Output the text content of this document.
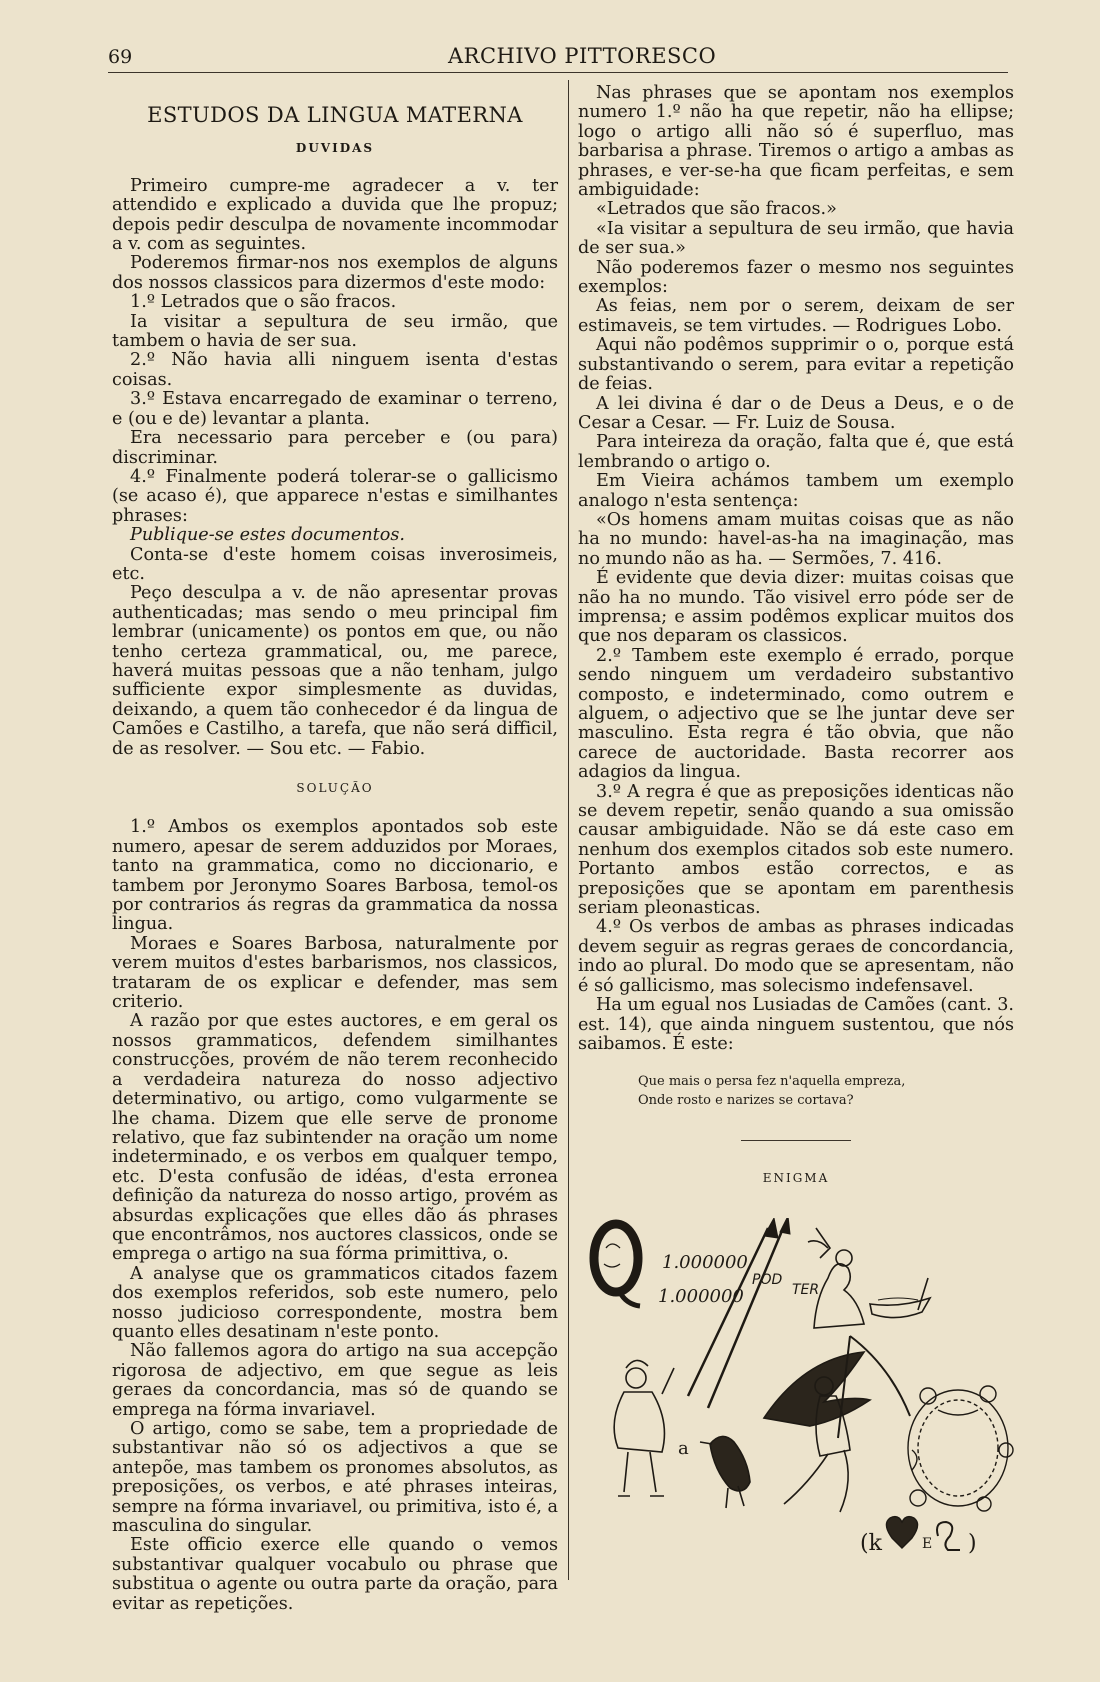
69	ARCHIVO PITTORESCO
ESTUDOS DA LINGUA MATERNA
DUVIDAS

Primeiro cumpre-me agradecer a v. ter attendido e explicado a duvida que lhe propuz; depois pedir desculpa de novamente incommodar a v. com as seguintes.

Poderemos firmar-nos nos exemplos de alguns dos nossos classicos para dizermos d'este modo:

1.º Letrados que o são fracos.

Ia visitar a sepultura de seu irmão, que tambem o havia de ser sua.

2.º Não havia alli ninguem isenta d'estas coisas.

3.º Estava encarregado de examinar o terreno, e (ou e de) levantar a planta.

Era necessario para perceber e (ou para) discriminar.

4.º Finalmente poderá tolerar-se o gallicismo (se acaso é), que apparece n'estas e similhantes phrases:

Publique-se estes documentos.

Conta-se d'este homem coisas inverosimeis, etc.

Peço desculpa a v. de não apresentar provas authenticadas; mas sendo o meu principal fim lembrar (unicamente) os pontos em que, ou não tenho certeza grammatical, ou, me parece, haverá muitas pessoas que a não tenham, julgo sufficiente expor simplesmente as duvidas, deixando, a quem tão conhecedor é da lingua de Camões e Castilho, a tarefa, que não será difficil, de as resolver. — Sou etc. — Fabio.

SOLUÇÃO

1.º Ambos os exemplos apontados sob este numero, apesar de serem adduzidos por Moraes, tanto na grammatica, como no diccionario, e tambem por Jeronymo Soares Barbosa, temol-os por contrarios ás regras da grammatica da nossa lingua.

Moraes e Soares Barbosa, naturalmente por verem muitos d'estes barbarismos, nos classicos, trataram de os explicar e defender, mas sem criterio.

A razão por que estes auctores, e em geral os nossos grammaticos, defendem similhantes construcções, provém de não terem reconhecido a verdadeira natureza do nosso adjectivo determinativo, ou artigo, como vulgarmente se lhe chama. Dizem que elle serve de pronome relativo, que faz subintender na oração um nome indeterminado, e os verbos em qualquer tempo, etc. D'esta confusão de idéas, d'esta erronea definição da natureza do nosso artigo, provém as absurdas explicações que elles dão ás phrases que encontrâmos, nos auctores classicos, onde se emprega o artigo na sua fórma primittiva, o.

A analyse que os grammaticos citados fazem dos exemplos referidos, sob este numero, pelo nosso judicioso correspondente, mostra bem quanto elles desatinam n'este ponto.

Não fallemos agora do artigo na sua accepção rigorosa de adjectivo, em que segue as leis geraes da concordancia, mas só de quando se emprega na fórma invariavel.

O artigo, como se sabe, tem a propriedade de substantivar não só os adjectivos a que se antepõe, mas tambem os pronomes absolutos, as preposições, os verbos, e até phrases inteiras, sempre na fórma invariavel, ou primitiva, isto é, a masculina do singular.

Este officio exerce elle quando o vemos substantivar qualquer vocabulo ou phrase que substitua o agente ou outra parte da oração, para evitar as repetições.

Nas phrases que se apontam nos exemplos numero 1.º não ha que repetir, não ha ellipse; logo o artigo alli não só é superfluo, mas barbarisa a phrase. Tiremos o artigo a ambas as phrases, e ver-se-ha que ficam perfeitas, e sem ambiguidade:

«Letrados que são fracos.»

«Ia visitar a sepultura de seu irmão, que havia de ser sua.»

Não poderemos fazer o mesmo nos seguintes exemplos:

As feias, nem por o serem, deixam de ser estimaveis, se tem virtudes. — Rodrigues Lobo.

Aqui não podêmos supprimir o o, porque está substantivando o serem, para evitar a repetição de feias.

A lei divina é dar o de Deus a Deus, e o de Cesar a Cesar. — Fr. Luiz de Sousa.

Para inteireza da oração, falta que é, que está lembrando o artigo o.

Em Vieira achámos tambem um exemplo analogo n'esta sentença:

«Os homens amam muitas coisas que as não ha no mundo: havel-as-ha na imaginação, mas no mundo não as ha. — Sermões, 7. 416.

É evidente que devia dizer: muitas coisas que não ha no mundo. Tão visivel erro póde ser de imprensa; e assim podêmos explicar muitos dos que nos deparam os classicos.

2.º Tambem este exemplo é errado, porque sendo ninguem um verdadeiro substantivo composto, e indeterminado, como outrem e alguem, o adjectivo que se lhe juntar deve ser masculino. Esta regra é tão obvia, que não carece de auctoridade. Basta recorrer aos adagios da lingua.

3.º A regra é que as preposições identicas não se devem repetir, senão quando a sua omissão causar ambiguidade. Não se dá este caso em nenhum dos exemplos citados sob este numero. Portanto ambos estão correctos, e as preposições que se apontam em parenthesis seriam pleonasticas.

4.º Os verbos de ambas as phrases indicadas devem seguir as regras geraes de concordancia, indo ao plural. Do modo que se apresentam, não é só gallicismo, mas solecismo indefensavel.

Ha um egual nos Lusiadas de Camões (cant. 3. est. 14), que ainda ninguem sustentou, que nós saibamos. É este:

Que mais o persa fez n'aquella empreza,
Onde rosto e narizes se cortava?
ENIGMA
1.000000
1.000000
POD
TER
a
(k	E )
